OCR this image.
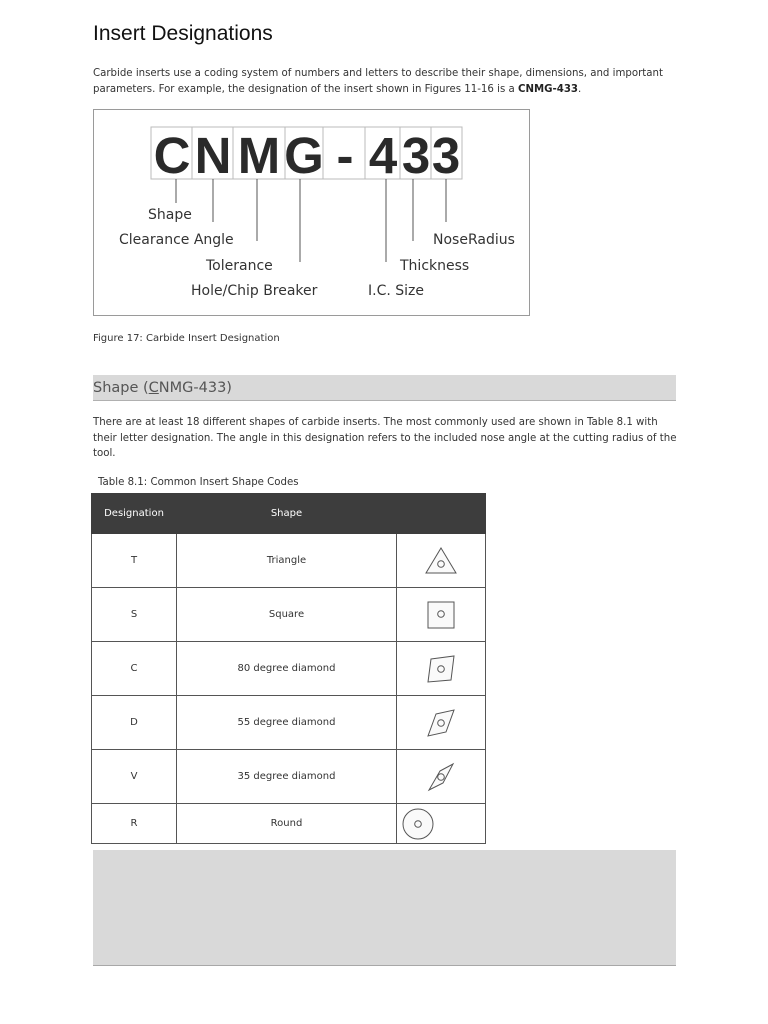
Insert Designations

Carbide inserts use a coding system of numbers and letters to describe their shape, dimensions, and important parameters. For example, the designation of the insert shown in Figures 11-16 is a CNMG-433.

C N M G - 4 3 3
Shape
Clearance Angle
Tolerance
Hole/Chip Breaker	I.C. Size
Thickness
NoseRadius

Figure 17: Carbide Insert Designation

Shape (CNMG-433)

There are at least 18 different shapes of carbide inserts. The most commonly used are shown in Table 8.1 with their letter designation. The angle in this designation refers to the included nose angle at the cutting radius of the tool.

Table 8.1: Common Insert Shape Codes

Designation	Shape	
T	Triangle	

S	Square	

C	80 degree diamond	

D	55 degree diamond	

V	35 degree diamond	

R	Round	
